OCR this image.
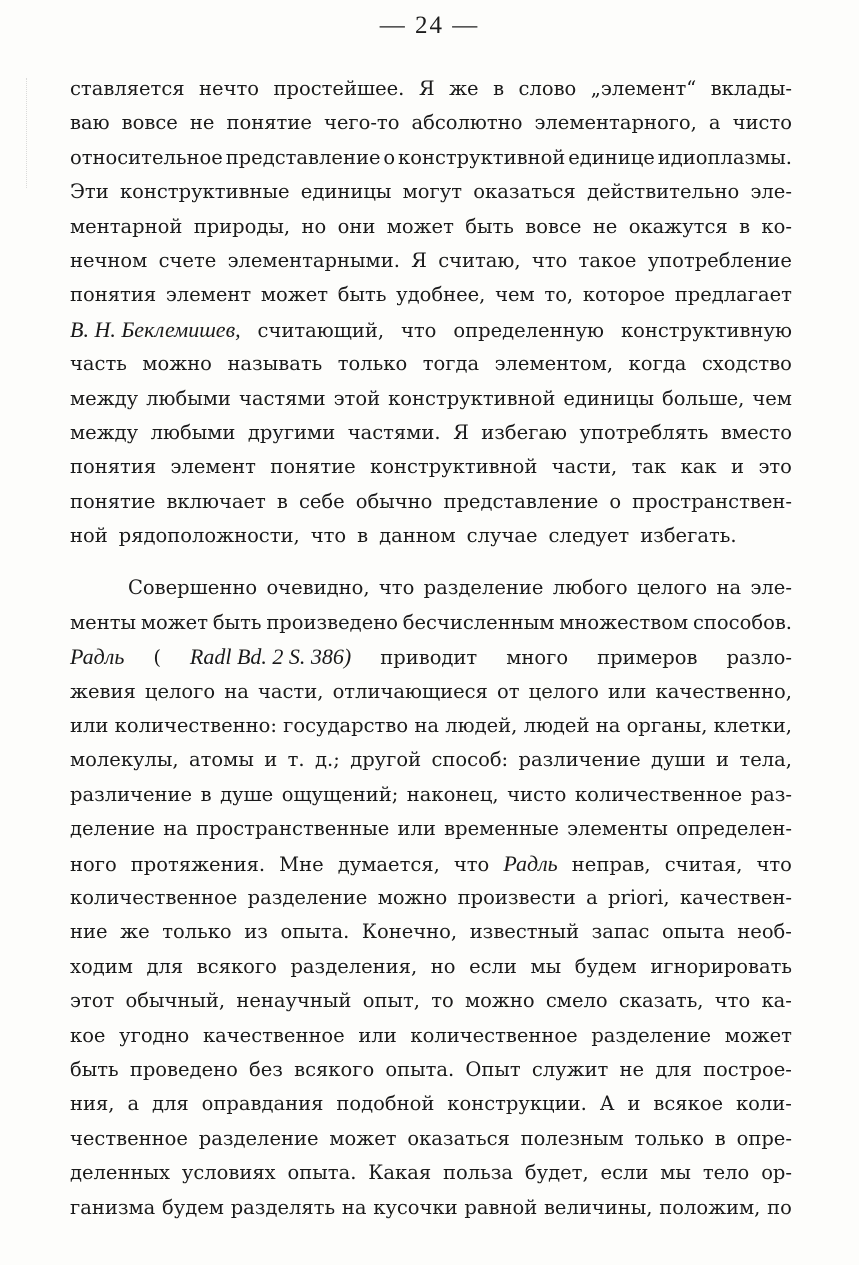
— 24 —
ставляется нечто простейшее. Я же в слово „элемент“ вклады-
ваю вовсе не понятие чего-то абсолютно элементарного, а чисто
относительное представление о конструктивной единице идиоплазмы.
Эти конструктивные единицы могут оказаться действительно эле-
ментарной природы, но они может быть вовсе не окажутся в ко-
нечном счете элементарными. Я считаю, что такое употребление
понятия элемент может быть удобнее, чем то, которое предлагает
В. Н. Беклемишев, считающий, что определенную конструктивную
часть можно называть только тогда элементом, когда сходство
между любыми частями этой конструктивной единицы больше, чем
между любыми другими частями. Я избегаю употреблять вместо
понятия элемент понятие конструктивной части, так как и это
понятие включает в себе обычно представление о пространствен-
ной рядоположности, что в данном случае следует избегать.
Совершенно очевидно, что разделение любого целого на эле-
менты может быть произведено бесчисленным множеством способов.
Радль ( Radl Bd. 2 S. 386) приводит много примеров разло-
жевия целого на части, отличающиеся от целого или качественно,
или количественно: государство на людей, людей на органы, клетки,
молекулы, атомы и т. д.; другой способ: различение души и тела,
различение в душе ощущений; наконец, чисто количественное раз-
деление на пространственные или временные элементы определен-
ного протяжения. Мне думается, что Радль неправ, считая, что
количественное разделение можно произвести a priori, качествен-
ние же только из опыта. Конечно, известный запас опыта необ-
ходим для всякого разделения, но если мы будем игнорировать
этот обычный, ненаучный опыт, то можно смело сказать, что ка-
кое угодно качественное или количественное разделение может
быть проведено без всякого опыта. Опыт служит не для построе-
ния, а для оправдания подобной конструкции. А и всякое коли-
чественное разделение может оказаться полезным только в опре-
деленных условиях опыта. Какая польза будет, если мы тело ор-
ганизма будем разделять на кусочки равной величины, положим, по
